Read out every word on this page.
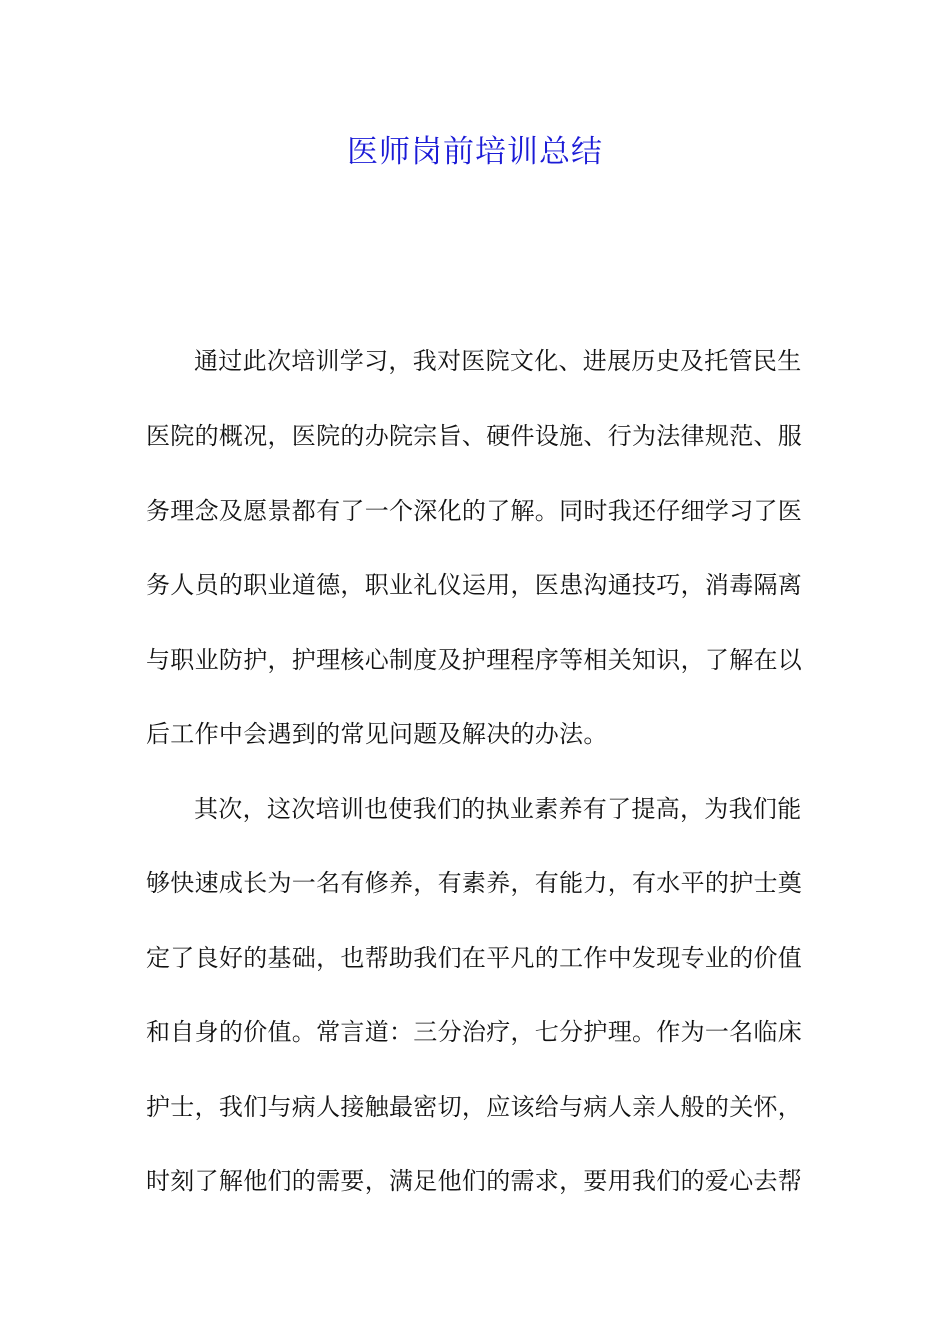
医师岗前培训总结
通过此次培训学习，我对医院文化、进展历史及托管民生
医院的概况，医院的办院宗旨、硬件设施、行为法律规范、服
务理念及愿景都有了一个深化的了解。同时我还仔细学习了医
务人员的职业道德，职业礼仪运用，医患沟通技巧，消毒隔离
与职业防护，护理核心制度及护理程序等相关知识，了解在以
后工作中会遇到的常见问题及解决的办法。
其次，这次培训也使我们的执业素养有了提高，为我们能
够快速成长为一名有修养，有素养，有能力，有水平的护士奠
定了良好的基础，也帮助我们在平凡的工作中发现专业的价值
和自身的价值。常言道：三分治疗，七分护理。作为一名临床
护士，我们与病人接触最密切，应该给与病人亲人般的关怀，
时刻了解他们的需要，满足他们的需求，要用我们的爱心去帮
